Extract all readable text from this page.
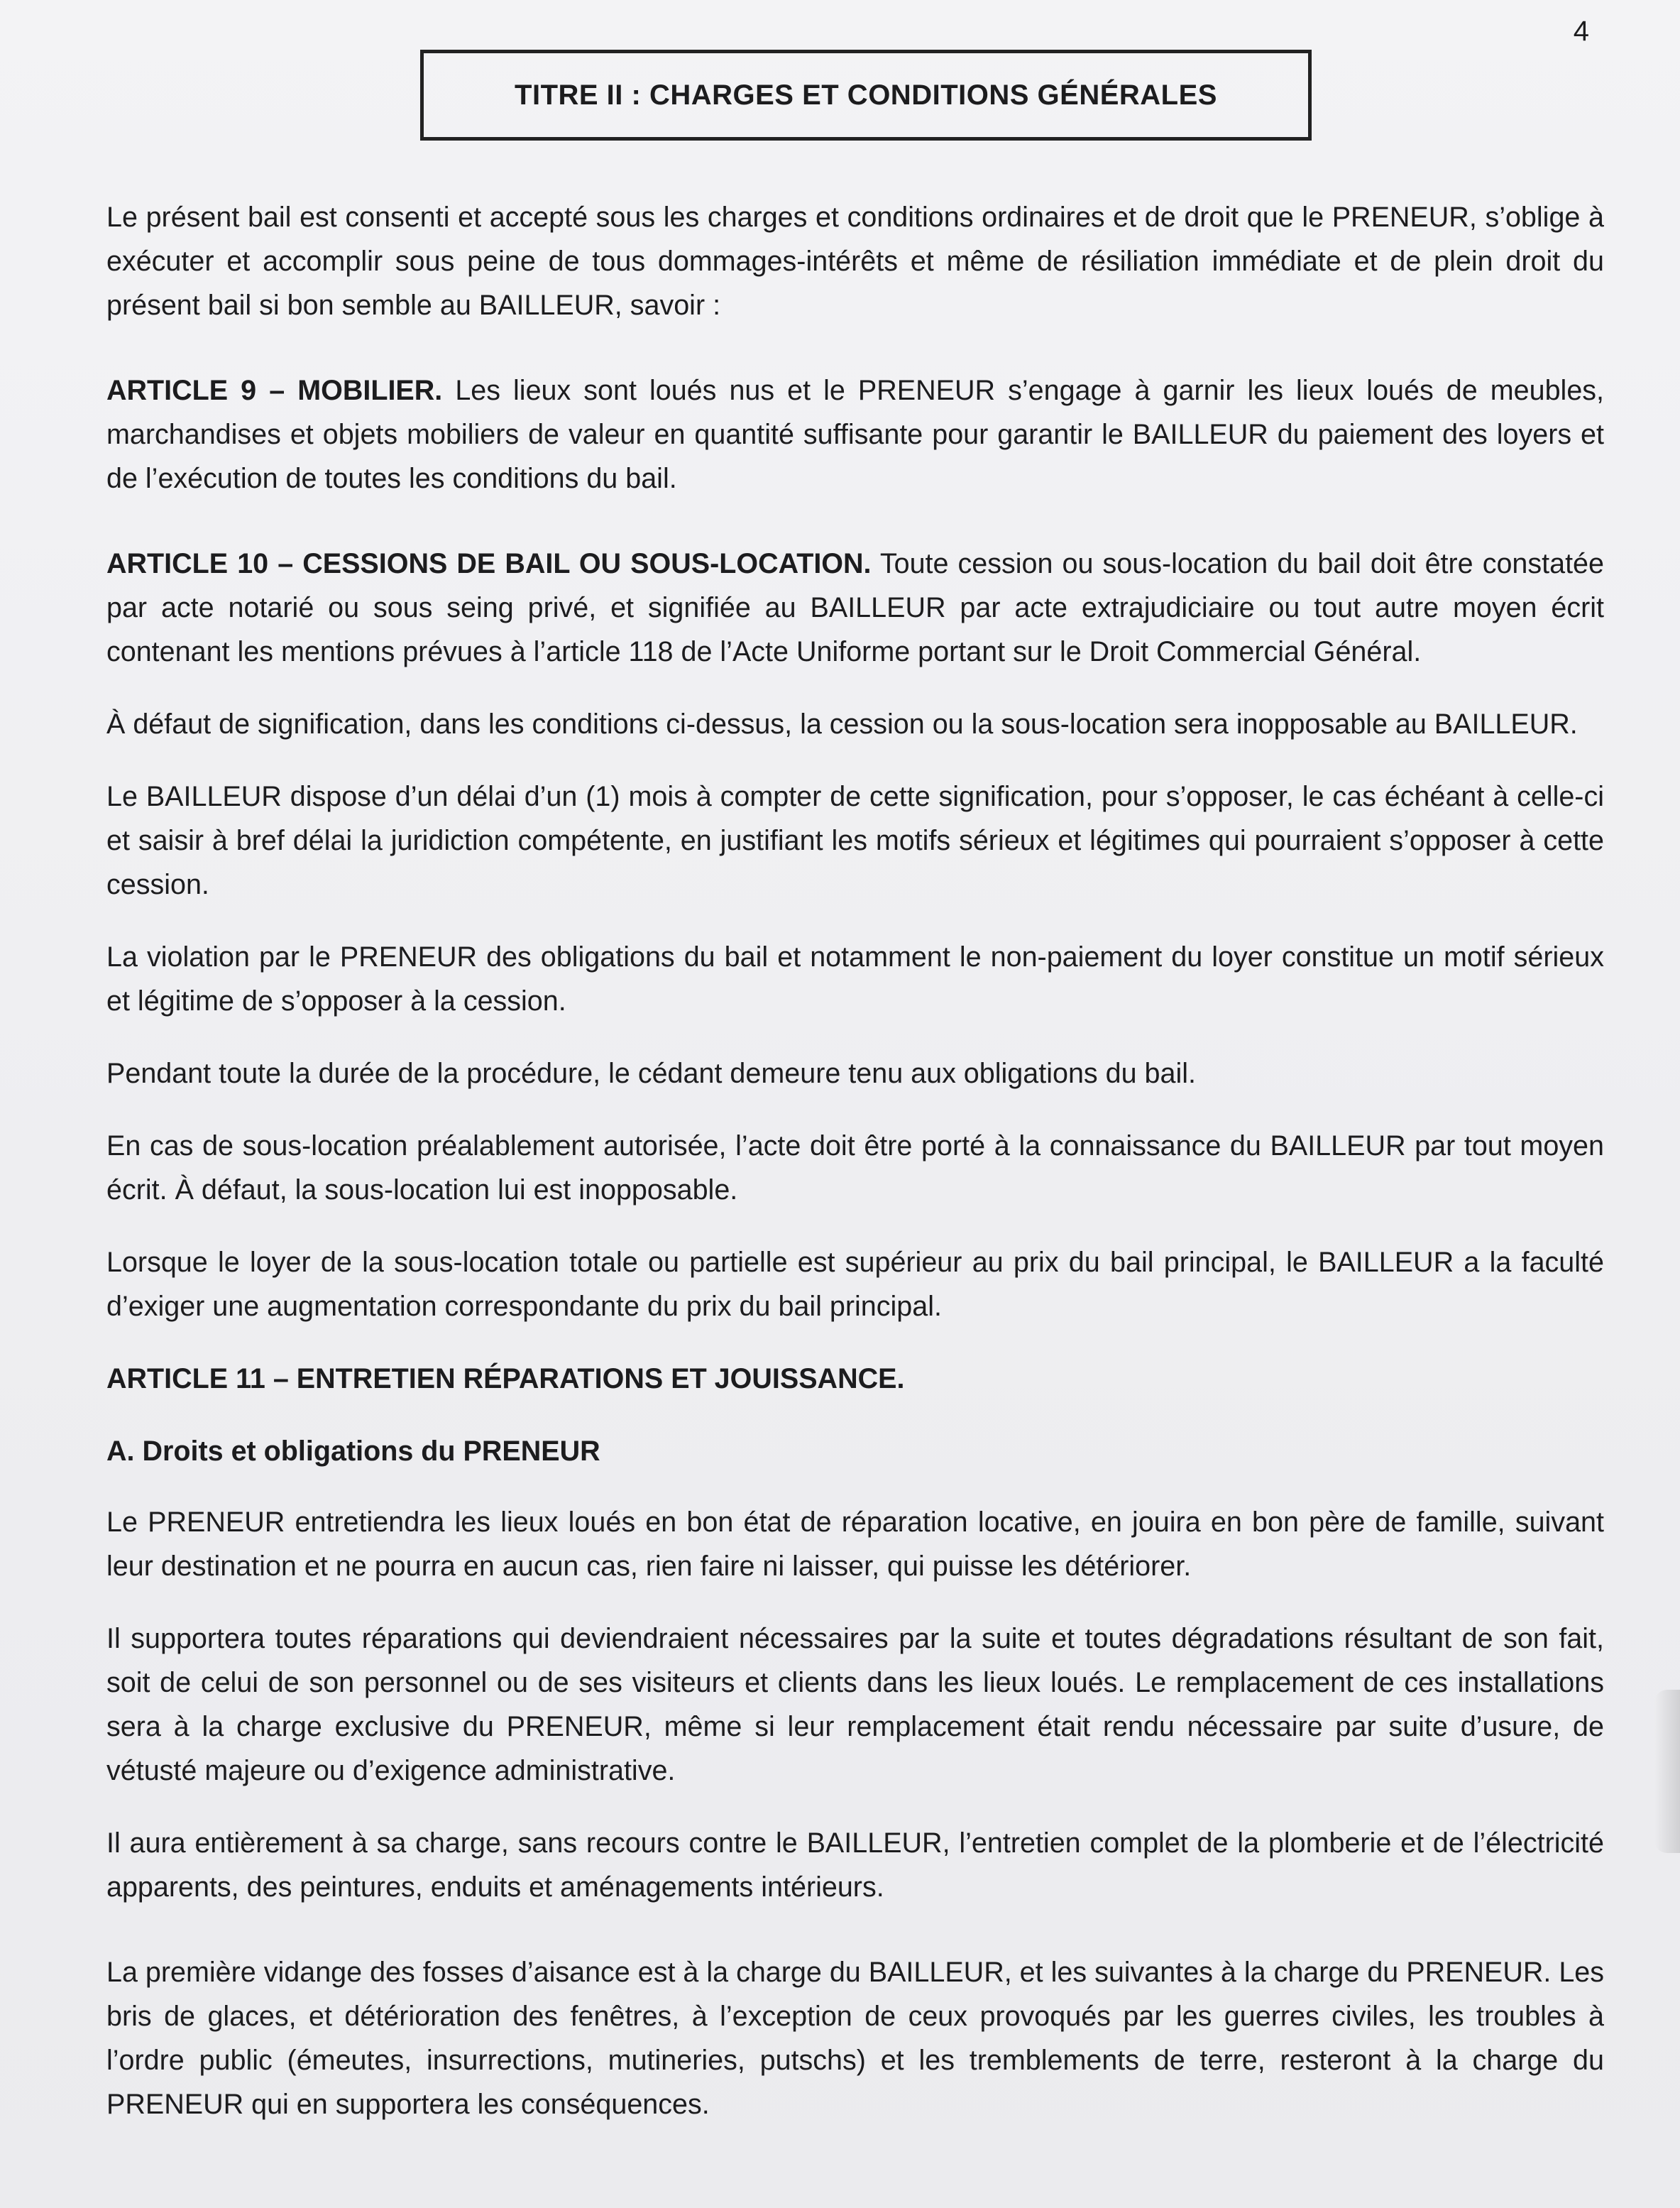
4
TITRE II : CHARGES ET CONDITIONS GÉNÉRALES

Le présent bail est consenti et accepté sous les charges et conditions ordinaires et de droit que le PRENEUR, s’oblige à exécuter et accomplir sous peine de tous dommages-intérêts et même de résiliation immédiate et de plein droit du présent bail si bon semble au BAILLEUR, savoir :

ARTICLE 9 – MOBILIER. Les lieux sont loués nus et le PRENEUR s’engage à garnir les lieux loués de meubles, marchandises et objets mobiliers de valeur en quantité suffisante pour garantir le BAILLEUR du paiement des loyers et de l’exécution de toutes les conditions du bail.

ARTICLE 10 – CESSIONS DE BAIL OU SOUS-LOCATION. Toute cession ou sous-location du bail doit être constatée par acte notarié ou sous seing privé, et signifiée au BAILLEUR par acte extrajudiciaire ou tout autre moyen écrit contenant les mentions prévues à l’article 118 de l’Acte Uniforme portant sur le Droit Commercial Général.

À défaut de signification, dans les conditions ci-dessus, la cession ou la sous-location sera inopposable au BAILLEUR.

Le BAILLEUR dispose d’un délai d’un (1) mois à compter de cette signification, pour s’opposer, le cas échéant à celle-ci et saisir à bref délai la juridiction compétente, en justifiant les motifs sérieux et légitimes qui pourraient s’opposer à cette cession.

La violation par le PRENEUR des obligations du bail et notamment le non-paiement du loyer constitue un motif sérieux et légitime de s’opposer à la cession.

Pendant toute la durée de la procédure, le cédant demeure tenu aux obligations du bail.

En cas de sous-location préalablement autorisée, l’acte doit être porté à la connaissance du BAILLEUR par tout moyen écrit. À défaut, la sous-location lui est inopposable.

Lorsque le loyer de la sous-location totale ou partielle est supérieur au prix du bail principal, le BAILLEUR a la faculté d’exiger une augmentation correspondante du prix du bail principal.

ARTICLE 11 – ENTRETIEN RÉPARATIONS ET JOUISSANCE.
A. Droits et obligations du PRENEUR

Le PRENEUR entretiendra les lieux loués en bon état de réparation locative, en jouira en bon père de famille, suivant leur destination et ne pourra en aucun cas, rien faire ni laisser, qui puisse les détériorer.

Il supportera toutes réparations qui deviendraient nécessaires par la suite et toutes dégradations résultant de son fait, soit de celui de son personnel ou de ses visiteurs et clients dans les lieux loués. Le remplacement de ces installations sera à la charge exclusive du PRENEUR, même si leur remplacement était rendu nécessaire par suite d’usure, de vétusté majeure ou d’exigence administrative.

Il aura entièrement à sa charge, sans recours contre le BAILLEUR, l’entretien complet de la plomberie et de l’électricité apparents, des peintures, enduits et aménagements intérieurs.

La première vidange des fosses d’aisance est à la charge du BAILLEUR, et les suivantes à la charge du PRENEUR. Les bris de glaces, et détérioration des fenêtres, à l’exception de ceux provoqués par les guerres civiles, les troubles à l’ordre public (émeutes, insurrections, mutineries, putschs) et les tremblements de terre, resteront à la charge du PRENEUR qui en supportera les conséquences.
